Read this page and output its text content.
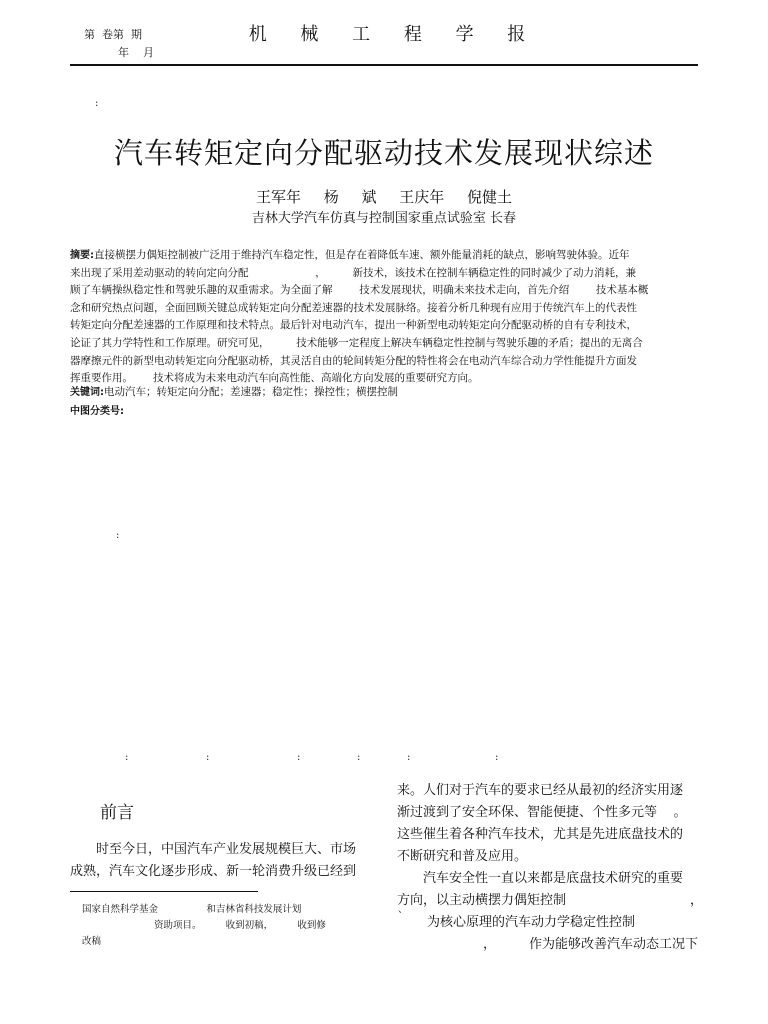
第  卷第  期
年    月
机 械 工 程 学 报
:
:
:	:	:	:	:	:
汽车转矩定向分配驱动技术发展现状综述
王军年 杨 斌 王庆年 倪健土
吉林大学汽车仿真与控制国家重点试验室 长春
摘要:直接横摆力偶矩控制被广泛用于维持汽车稳定性，但是存在着降低车速、额外能量消耗的缺点，影响驾驶体验。近年
来出现了采用差动驱动的转向定向分配                    ，        新技术，该技术在控制车辆稳定性的同时减少了动力消耗，兼
顾了车辆操纵稳定性和驾驶乐趣的双重需求。为全面了解        技术发展现状，明确未来技术走向，首先介绍        技术基本概
念和研究热点问题，全面回顾关键总成转矩定向分配差速器的技术发展脉络。接着分析几种现有应用于传统汽车上的代表性
转矩定向分配差速器的工作原理和技术特点。最后针对电动汽车，提出一种新型电动转矩定向分配驱动桥的自有专利技术，
论证了其力学特性和工作原理。研究可见，        技术能够一定程度上解决车辆稳定性控制与驾驶乐趣的矛盾；提出的无离合
器摩擦元件的新型电动转矩定向分配驱动桥，其灵活自由的轮间转矩分配的特性将会在电动汽车综合动力学性能提升方面发
挥重要作用。      技术将成为未来电动汽车向高性能、高端化方向发展的重要研究方向。
关键词:电动汽车；转矩定向分配；差速器；稳定性；操控性；横摆控制
中图分类号:
前言
时至今日，中国汽车产业发展规模巨大、市场
成熟，汽车文化逐步形成、新一轮消费升级已经到
国家自然科学基金                和吉林省科技发展计划                                、
资助项目。        收到初稿，        收到修
改稿
来。人们对于汽车的要求已经从最初的经济实用逐
渐过渡到了安全环保、智能便捷、个性多元等    。
这些催生着各种汽车技术，尤其是先进底盘技术的
不断研究和普及应用。
汽车安全性一直以来都是底盘技术研究的重要
方向，以主动横摆力偶矩控制                              ，
为核心原理的汽车动力学稳定性控制
，        作为能够改善汽车动态工况下
